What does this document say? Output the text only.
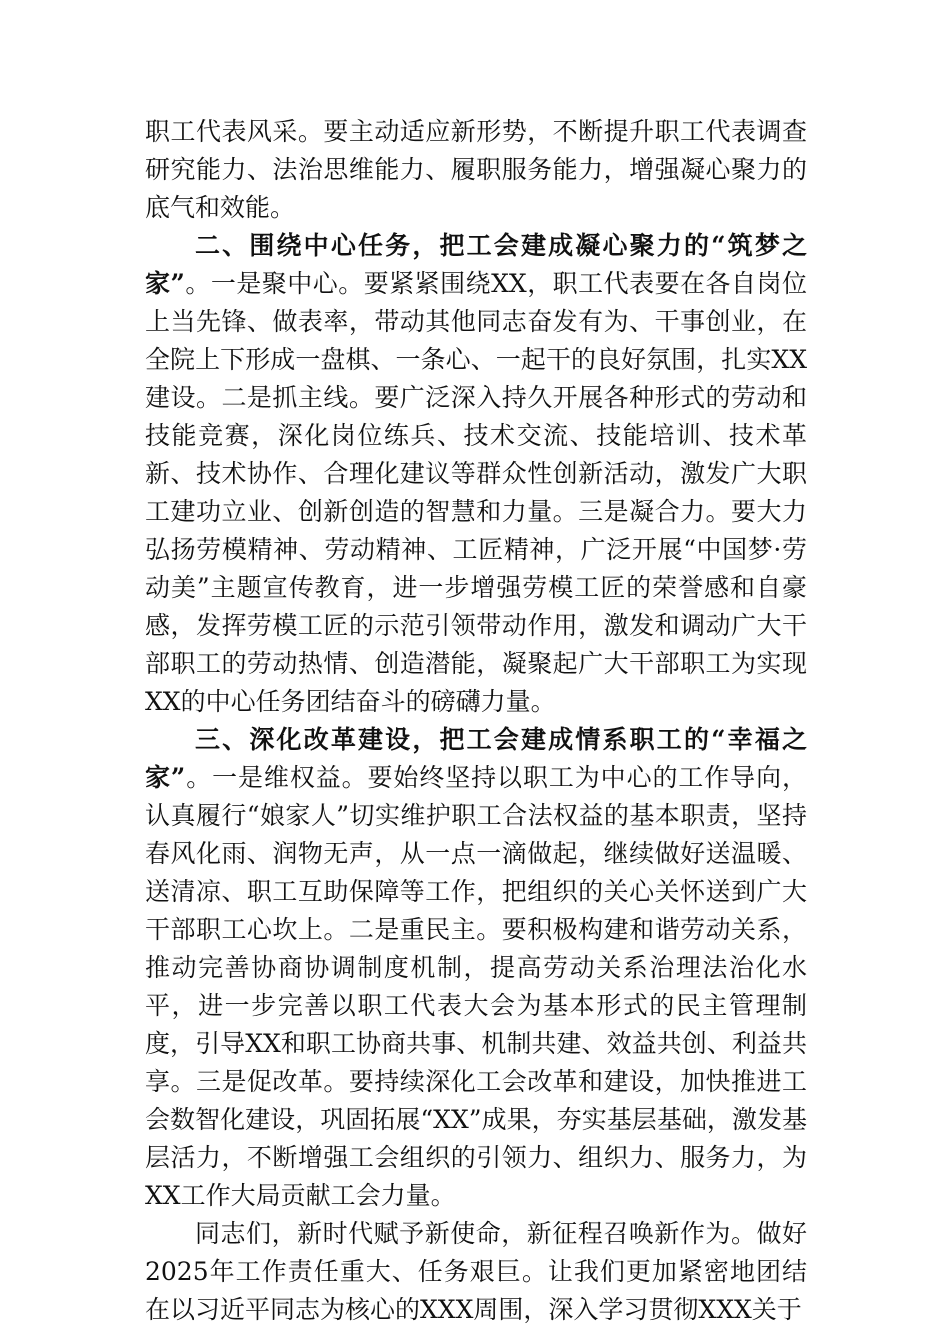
职工代表风采。要主动适应新形势，不断提升职工代表调查研究能力、法治思维能力、履职服务能力，增强凝心聚力的底气和效能。

二、围绕中心任务，把工会建成凝心聚力的“筑梦之家”。一是聚中心。要紧紧围绕XX，职工代表要在各自岗位上当先锋、做表率，带动其他同志奋发有为、干事创业，在全院上下形成一盘棋、一条心、一起干的良好氛围，扎实XX建设。二是抓主线。要广泛深入持久开展各种形式的劳动和技能竞赛，深化岗位练兵、技术交流、技能培训、技术革新、技术协作、合理化建议等群众性创新活动，激发广大职工建功立业、创新创造的智慧和力量。三是凝合力。要大力弘扬劳模精神、劳动精神、工匠精神，广泛开展“中国梦·劳动美”主题宣传教育，进一步增强劳模工匠的荣誉感和自豪感，发挥劳模工匠的示范引领带动作用，激发和调动广大干部职工的劳动热情、创造潜能，凝聚起广大干部职工为实现XX的中心任务团结奋斗的磅礴力量。

三、深化改革建设，把工会建成情系职工的“幸福之家”。一是维权益。要始终坚持以职工为中心的工作导向，认真履行“娘家人”切实维护职工合法权益的基本职责，坚持春风化雨、润物无声，从一点一滴做起，继续做好送温暖、送清凉、职工互助保障等工作，把组织的关心关怀送到广大干部职工心坎上。二是重民主。要积极构建和谐劳动关系，推动完善协商协调制度机制，提高劳动关系治理法治化水平，进一步完善以职工代表大会为基本形式的民主管理制度，引导XX和职工协商共事、机制共建、效益共创、利益共享。三是促改革。要持续深化工会改革和建设，加快推进工会数智化建设，巩固拓展“XX”成果，夯实基层基础，激发基层活力，不断增强工会组织的引领力、组织力、服务力，为XX工作大局贡献工会力量。

同志们，新时代赋予新使命，新征程召唤新作为。做好2025年工作责任重大、任务艰巨。让我们更加紧密地团结在以习近平同志为核心的XXX周围，深入学习贯彻XXX关于
